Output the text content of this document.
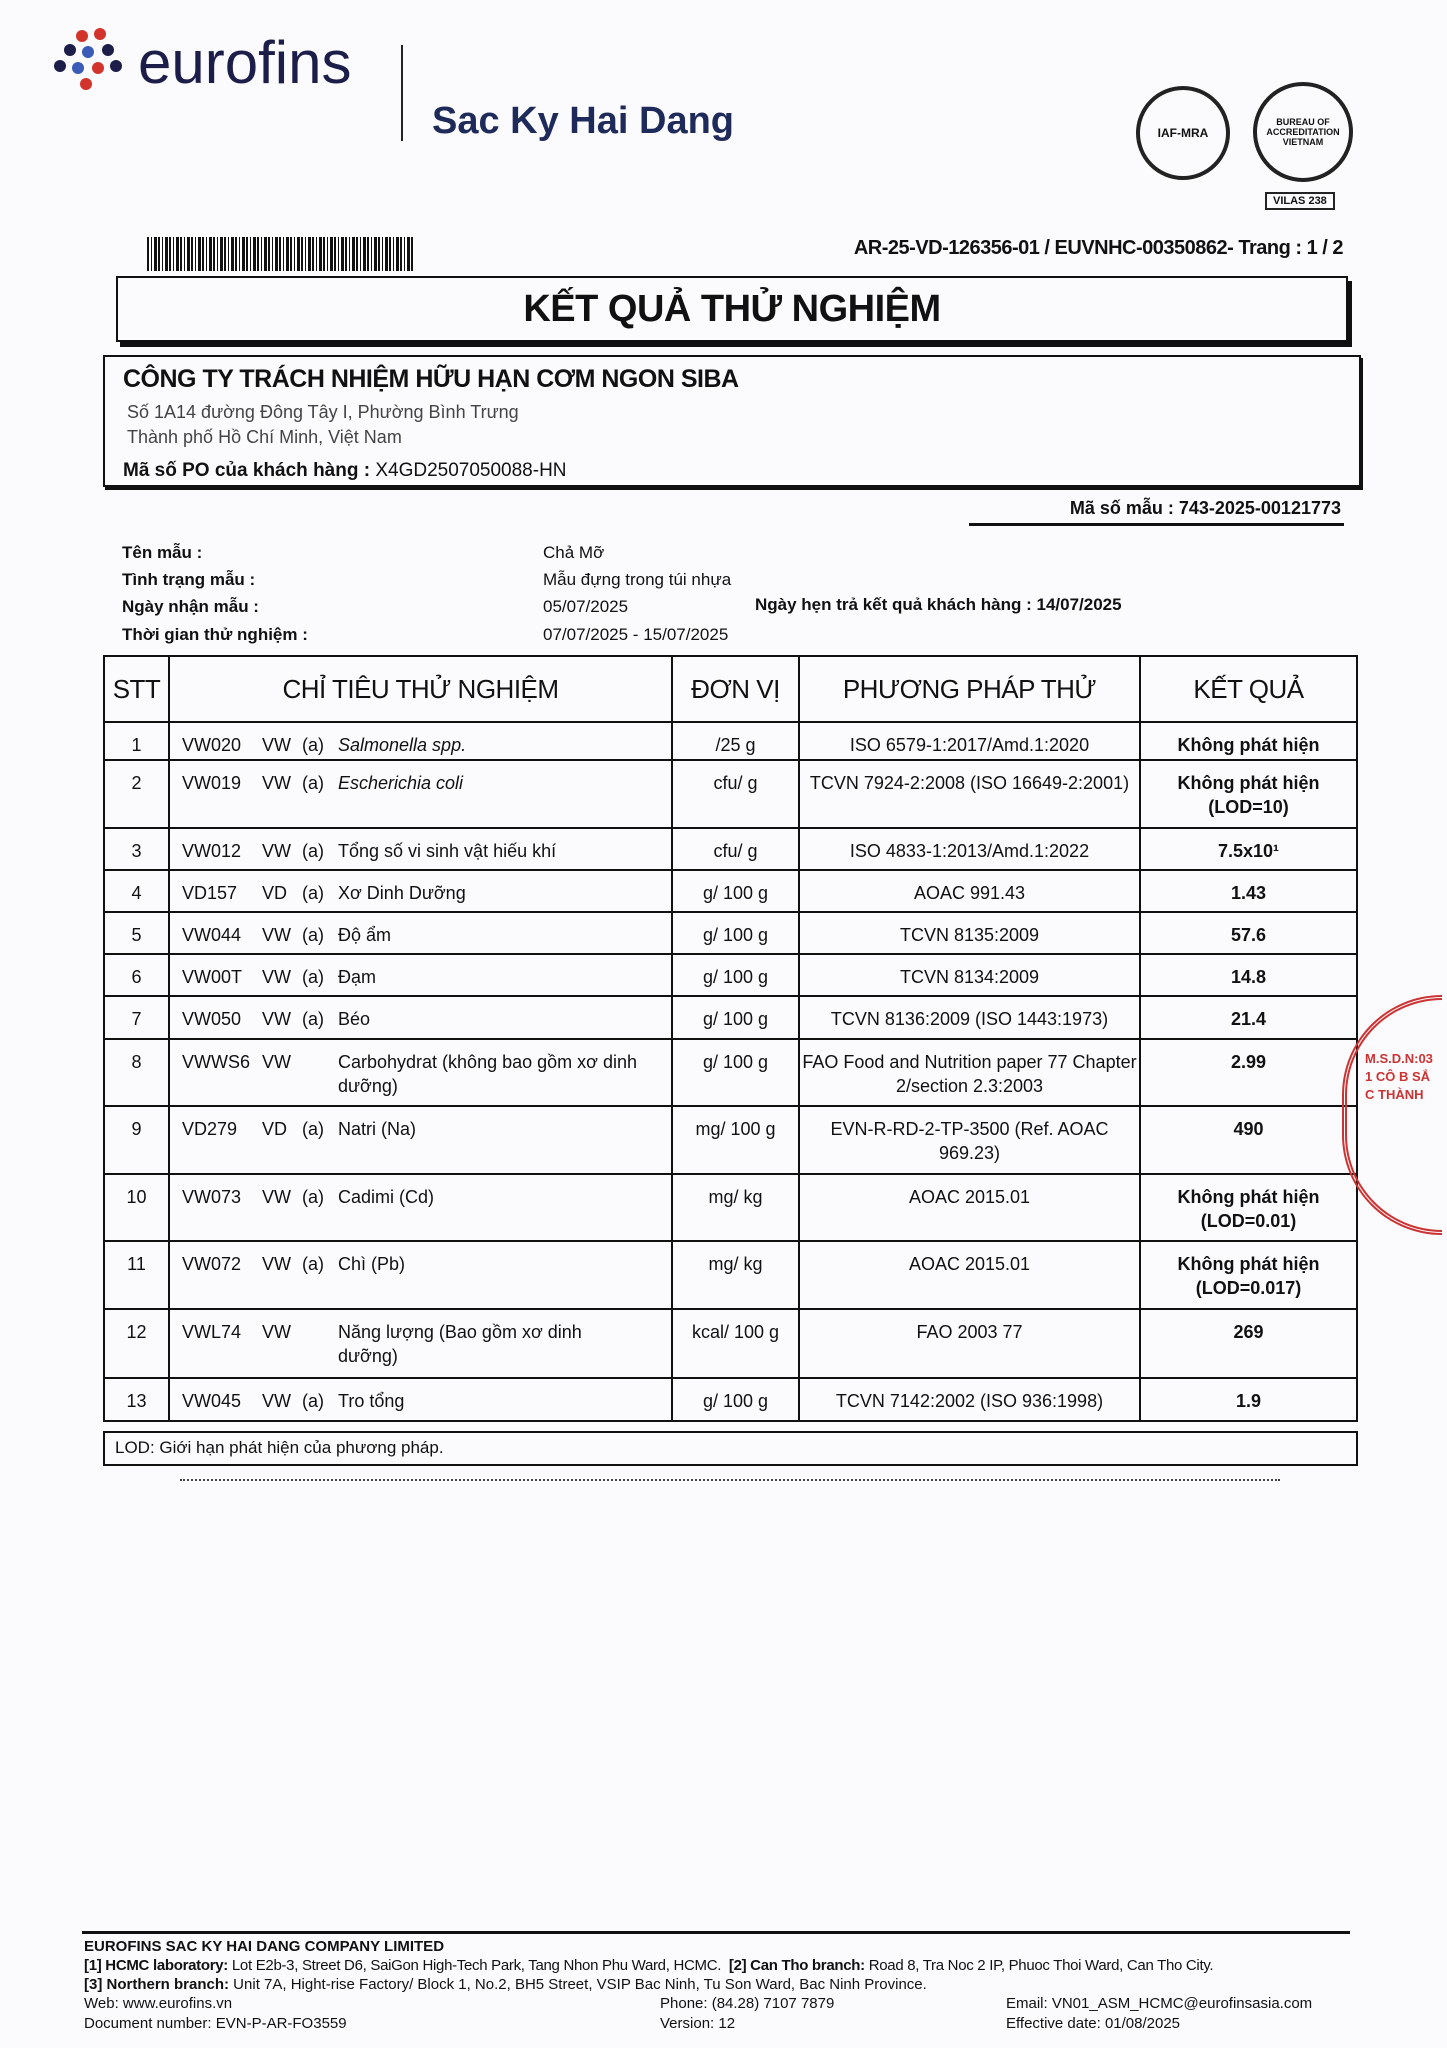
eurofins
Sac Ky Hai Dang	IAF-MRA
BUREAU OF ACCREDITATION VIETNAM
VILAS 238
AR-25-VD-126356-01 / EUVNHC-00350862- Trang : 1 / 2
KẾT QUẢ THỬ NGHIỆM
CÔNG TY TRÁCH NHIỆM HỮU HẠN CƠM NGON SIBA
Số 1A14 đường Đông Tây I, Phường Bình Trưng
Thành phố Hồ Chí Minh, Việt Nam
Mã số PO của khách hàng : X4GD2507050088-HN
Mã số mẫu : 743-2025-00121773
Tên mẫu :	Chả Mỡ
Tình trạng mẫu :	Mẫu đựng trong túi nhựa
Ngày nhận mẫu :	05/07/2025	Ngày hẹn trả kết quả khách hàng : 14/07/2025
Thời gian thử nghiệm :	07/07/2025 - 15/07/2025
STT	CHỈ TIÊU THỬ NGHIỆM	ĐƠN VỊ	PHƯƠNG PHÁP THỬ	KẾT QUẢ
1	VW020 VW (a) Salmonella spp.	/25 g	ISO 6579-1:2017/Amd.1:2020	Không phát hiện
2	VW019 VW (a) Escherichia coli	cfu/ g	TCVN 7924-2:2008 (ISO 16649-2:2001)	Không phát hiện (LOD=10)
3	VW012 VW (a) Tổng số vi sinh vật hiếu khí	cfu/ g	ISO 4833-1:2013/Amd.1:2022	7.5x10¹
4	VD157 VD (a) Xơ Dinh Dưỡng	g/ 100 g	AOAC 991.43	1.43
5	VW044 VW (a) Độ ẩm	g/ 100 g	TCVN 8135:2009	57.6
6	VW00T VW (a) Đạm	g/ 100 g	TCVN 8134:2009	14.8
7	VW050 VW (a) Béo	g/ 100 g	TCVN 8136:2009 (ISO 1443:1973)	21.4
8	VWWS6 VW Carbohydrat (không bao gồm xơ dinh dưỡng)	g/ 100 g	FAO Food and Nutrition paper 77 Chapter 2/section 2.3:2003	2.99
9	VD279 VD (a) Natri (Na)	mg/ 100 g	EVN-R-RD-2-TP-3500 (Ref. AOAC 969.23)	490
10	VW073 VW (a) Cadimi (Cd)	mg/ kg	AOAC 2015.01	Không phát hiện (LOD=0.01)
11	VW072 VW (a) Chì (Pb)	mg/ kg	AOAC 2015.01	Không phát hiện (LOD=0.017)
12	VWL74 VW Năng lượng (Bao gồm xơ dinh dưỡng)	kcal/ 100 g	FAO 2003 77	269
13	VW045 VW (a) Tro tổng	g/ 100 g	TCVN 7142:2002 (ISO 936:1998)	1.9
LOD: Giới hạn phát hiện của phương pháp.
M.S.D.N:031 CÔ B SẮC THÀNH
EUROFINS SAC KY HAI DANG COMPANY LIMITED
[1] HCMC laboratory: Lot E2b-3, Street D6, SaiGon High-Tech Park, Tang Nhon Phu Ward, HCMC. [2] Can Tho branch: Road 8, Tra Noc 2 IP, Phuoc Thoi Ward, Can Tho City.
[3] Northern branch: Unit 7A, Hight-rise Factory/ Block 1, No.2, BH5 Street, VSIP Bac Ninh, Tu Son Ward, Bac Ninh Province.
Web: www.eurofins.vn
Document number: EVN-P-AR-FO3559
Phone: (84.28) 7107 7879
Version: 12
Email: VN01_ASM_HCMC@eurofinsasia.com
Effective date: 01/08/2025
